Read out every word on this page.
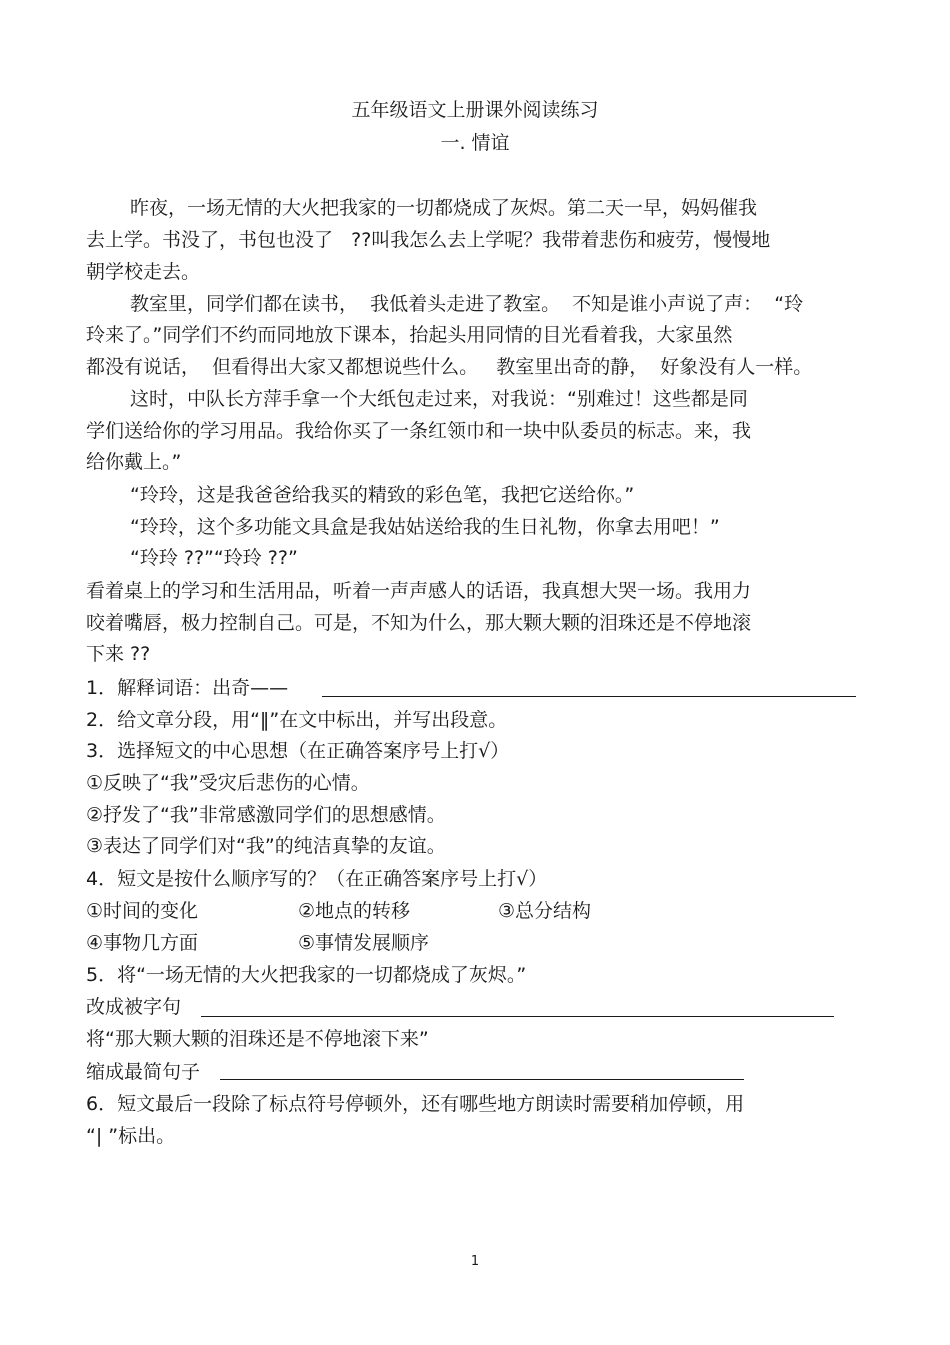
五年级语文上册课外阅读练习
一. 情谊
昨夜，一场无情的大火把我家的一切都烧成了灰烬。第二天一早，妈妈催我
去上学。书没了，书包也没了   ??叫我怎么去上学呢？我带着悲伤和疲劳，慢慢地
朝学校走去。
教室里，同学们都在读书，  我低着头走进了教室。  不知是谁小声说了声：  “玲
玲来了。”同学们不约而同地放下课本，抬起头用同情的目光看着我，大家虽然
都没有说话，  但看得出大家又都想说些什么。   教室里出奇的静，  好象没有人一样。
这时，中队长方萍手拿一个大纸包走过来，对我说：“别难过！这些都是同
学们送给你的学习用品。我给你买了一条红领巾和一块中队委员的标志。来，我
给你戴上。”
“玲玲，这是我爸爸给我买的精致的彩色笔，我把它送给你。”
“玲玲，这个多功能文具盒是我姑姑送给我的生日礼物，你拿去用吧！”
“玲玲 ??”“玲玲 ??”
看着桌上的学习和生活用品，听着一声声感人的话语，我真想大哭一场。我用力
咬着嘴唇，极力控制自己。可是，不知为什么，那大颗大颗的泪珠还是不停地滚
下来 ??
1．解释词语：出奇——
2．给文章分段，用“‖”在文中标出，并写出段意。
3．选择短文的中心思想（在正确答案序号上打√）
①反映了“我”受灾后悲伤的心情。
②抒发了“我”非常感激同学们的思想感情。
③表达了同学们对“我”的纯洁真挚的友谊。
4．短文是按什么顺序写的？（在正确答案序号上打√）
①时间的变化	②地点的转移	③总分结构
④事物几方面	⑤事情发展顺序
5．将“一场无情的大火把我家的一切都烧成了灰烬。”
改成被字句
将“那大颗大颗的泪珠还是不停地滚下来”
缩成最简句子
6．短文最后一段除了标点符号停顿外，还有哪些地方朗读时需要稍加停顿，用
“| ”标出。
1
